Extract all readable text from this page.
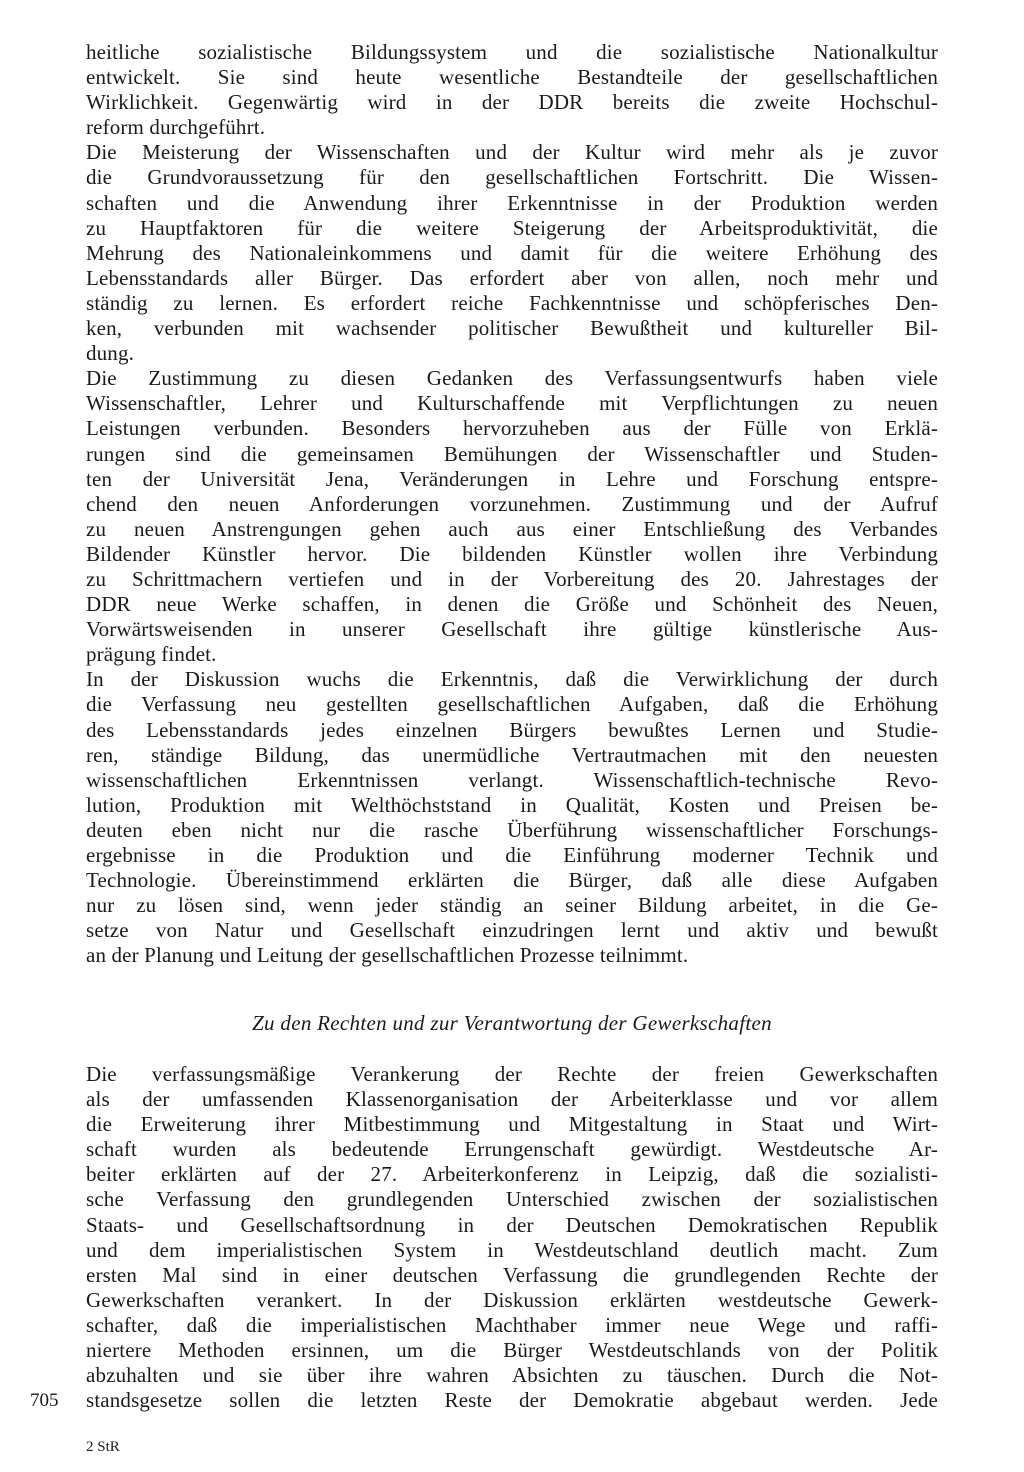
heitliche sozialistische Bildungssystem und die sozialistische Nationalkultur
entwickelt. Sie sind heute wesentliche Bestandteile der gesellschaftlichen
Wirklichkeit. Gegenwärtig wird in der DDR bereits die zweite Hochschul-
reform durchgeführt.
Die Meisterung der Wissenschaften und der Kultur wird mehr als je zuvor
die Grundvoraussetzung für den gesellschaftlichen Fortschritt. Die Wissen-
schaften und die Anwendung ihrer Erkenntnisse in der Produktion werden
zu Hauptfaktoren für die weitere Steigerung der Arbeitsproduktivität, die
Mehrung des Nationaleinkommens und damit für die weitere Erhöhung des
Lebensstandards aller Bürger. Das erfordert aber von allen, noch mehr und
ständig zu lernen. Es erfordert reiche Fachkenntnisse und schöpferisches Den-
ken, verbunden mit wachsender politischer Bewußtheit und kultureller Bil-
dung.
Die Zustimmung zu diesen Gedanken des Verfassungsentwurfs haben viele
Wissenschaftler, Lehrer und Kulturschaffende mit Verpflichtungen zu neuen
Leistungen verbunden. Besonders hervorzuheben aus der Fülle von Erklä-
rungen sind die gemeinsamen Bemühungen der Wissenschaftler und Studen-
ten der Universität Jena, Veränderungen in Lehre und Forschung entspre-
chend den neuen Anforderungen vorzunehmen. Zustimmung und der Aufruf
zu neuen Anstrengungen gehen auch aus einer Entschließung des Verbandes
Bildender Künstler hervor. Die bildenden Künstler wollen ihre Verbindung
zu Schrittmachern vertiefen und in der Vorbereitung des 20. Jahrestages der
DDR neue Werke schaffen, in denen die Größe und Schönheit des Neuen,
Vorwärtsweisenden in unserer Gesellschaft ihre gültige künstlerische Aus-
prägung findet.
In der Diskussion wuchs die Erkenntnis, daß die Verwirklichung der durch
die Verfassung neu gestellten gesellschaftlichen Aufgaben, daß die Erhöhung
des Lebensstandards jedes einzelnen Bürgers bewußtes Lernen und Studie-
ren, ständige Bildung, das unermüdliche Vertrautmachen mit den neuesten
wissenschaftlichen Erkenntnissen verlangt. Wissenschaftlich-technische Revo-
lution, Produktion mit Welthöchststand in Qualität, Kosten und Preisen be-
deuten eben nicht nur die rasche Überführung wissenschaftlicher Forschungs-
ergebnisse in die Produktion und die Einführung moderner Technik und
Technologie. Übereinstimmend erklärten die Bürger, daß alle diese Aufgaben
nur zu lösen sind, wenn jeder ständig an seiner Bildung arbeitet, in die Ge-
setze von Natur und Gesellschaft einzudringen lernt und aktiv und bewußt
an der Planung und Leitung der gesellschaftlichen Prozesse teilnimmt.
Zu den Rechten und zur Verantwortung der Gewerkschaften
Die verfassungsmäßige Verankerung der Rechte der freien Gewerkschaften
als der umfassenden Klassenorganisation der Arbeiterklasse und vor allem
die Erweiterung ihrer Mitbestimmung und Mitgestaltung in Staat und Wirt-
schaft wurden als bedeutende Errungenschaft gewürdigt. Westdeutsche Ar-
beiter erklärten auf der 27. Arbeiterkonferenz in Leipzig, daß die sozialisti-
sche Verfassung den grundlegenden Unterschied zwischen der sozialistischen
Staats- und Gesellschaftsordnung in der Deutschen Demokratischen Republik
und dem imperialistischen System in Westdeutschland deutlich macht. Zum
ersten Mal sind in einer deutschen Verfassung die grundlegenden Rechte der
Gewerkschaften verankert. In der Diskussion erklärten westdeutsche Gewerk-
schafter, daß die imperialistischen Machthaber immer neue Wege und raffi-
niertere Methoden ersinnen, um die Bürger Westdeutschlands von der Politik
abzuhalten und sie über ihre wahren Absichten zu täuschen. Durch die Not-
standsgesetze sollen die letzten Reste der Demokratie abgebaut werden. Jede
705
2 StR
